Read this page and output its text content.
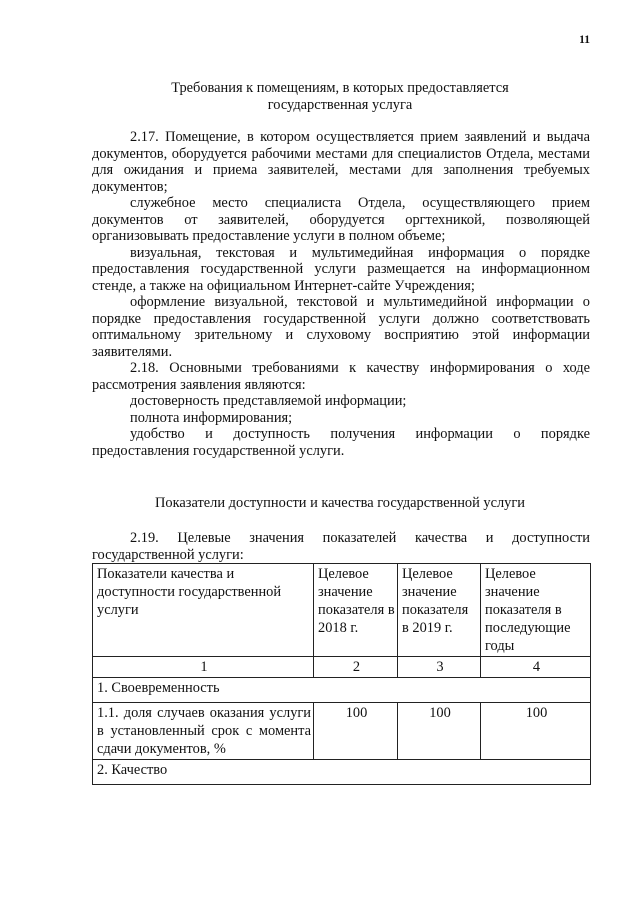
11
Требования к помещениям, в которых предоставляется
государственная услуга

2.17. Помещение, в котором осуществляется прием заявлений и выдача документов, оборудуется рабочими местами для специалистов Отдела, местами для ожидания и приема заявителей, местами для заполнения требуемых документов;

служебное место специалиста Отдела, осуществляющего прием документов от заявителей, оборудуется оргтехникой, позволяющей организовывать предоставление услуги в полном объеме;

визуальная, текстовая и мультимедийная информация о порядке предоставления государственной услуги размещается на информационном стенде, а также на официальном Интернет-сайте Учреждения;

оформление визуальной, текстовой и мультимедийной информации о порядке предоставления государственной услуги должно соответствовать оптимальному зрительному и слуховому восприятию этой информации заявителями.

2.18. Основными требованиями к качеству информирования о ходе рассмотрения заявления являются:

достоверность представляемой информации;

полнота информирования;

удобство и доступность получения информации о порядке предоставления государственной услуги.

Показатели доступности и качества государственной услуги

2.19. Целевые значения показателей качества и доступности государственной услуги:

Показатели качества и доступности государственной услуги	Целевое значение показателя в 2018 г.	Целевое значение показателя в 2019 г.	Целевое значение показателя в последующие годы
1	2	3	4
1. Своевременность			
1.1. доля случаев оказания услуги в установленный срок с момента сдачи документов, %	100	100	100
2. Качество			
